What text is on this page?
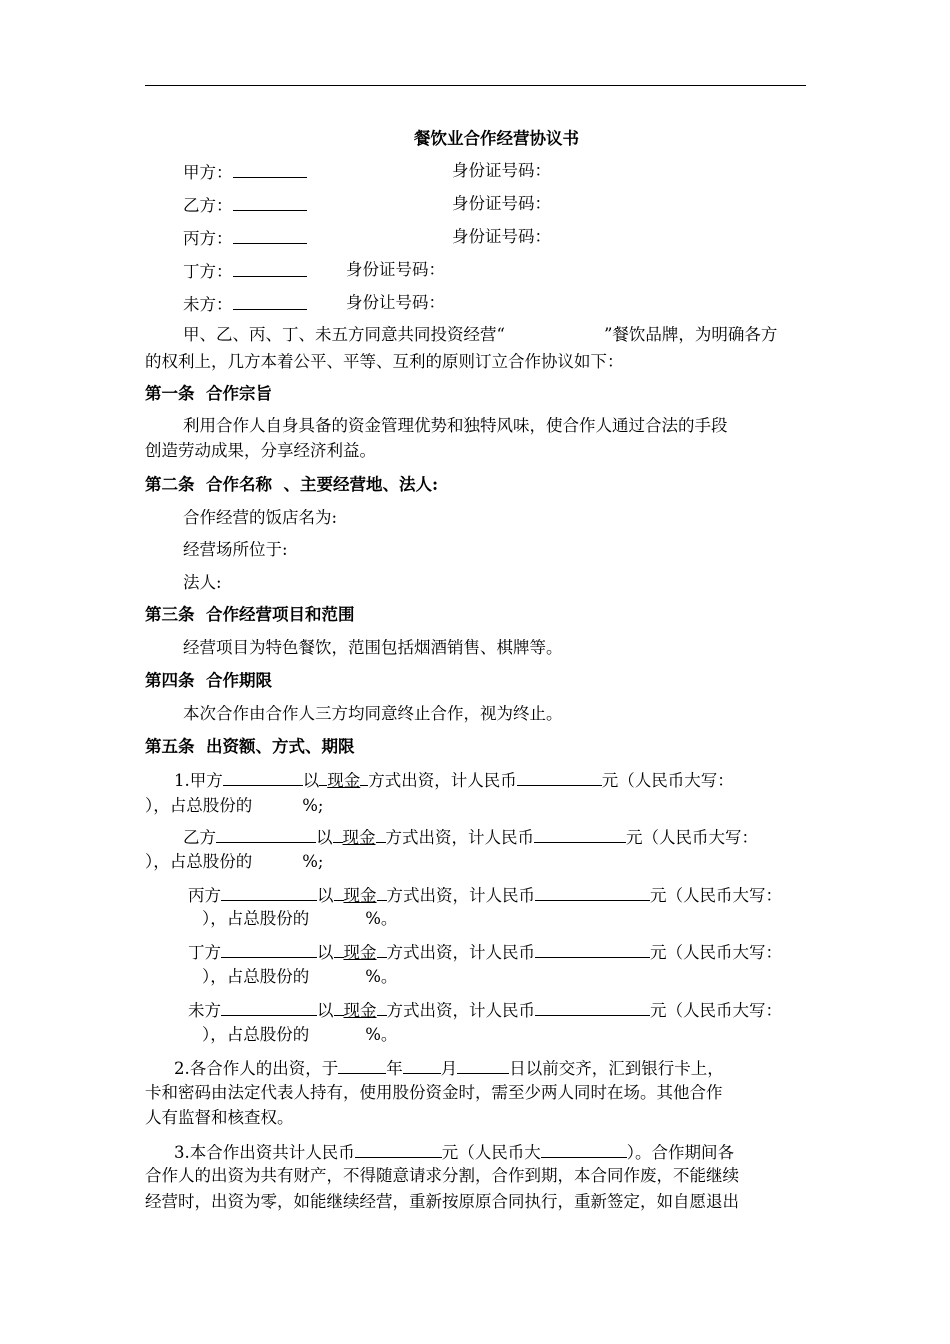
餐饮业合作经营协议书
甲方：	身份证号码：
乙方：	身份证号码：
丙方：	身份证号码：
丁方：	身份证号码：
未方：	身份让号码：
甲、乙、丙、丁、未五方同意共同投资经营“	”餐饮品牌，为明确各方
的权利上，几方本着公平、平等、互利的原则订立合作协议如下：
第一条  合作宗旨
利用合作人自身具备的资金管理优势和独特风味，使合作人通过合法的手段
创造劳动成果，分享经济利益。
第二条  合作名称  、主要经营地、法人:
合作经营的饭店名为:
经营场所位于:
法人:
第三条  合作经营项目和范围
经营项目为特色餐饮，范围包括烟酒销售、棋牌等。
第四条  合作期限
本次合作由合作人三方均同意终止合作，视为终止。
第五条  出资额、方式、期限
1.甲方	以 现金 方式出资，计人民币	元（人民币大写：
），占总股份的	%;
乙方	以 现金 方式出资，计人民币	元（人民币大写：
），占总股份的	%;
丙方	以 现金 方式出资，计人民币	元（人民币大写：
），占总股份的	%。
丁方	以 现金 方式出资，计人民币	元（人民币大写：
），占总股份的	%。
未方	以 现金 方式出资，计人民币	元（人民币大写：
），占总股份的	%。
2.各合作人的出资，于	年 月	日以前交齐，汇到银行卡上，
卡和密码由法定代表人持有，使用股份资金时，需至少两人同时在场。其他合作
人有监督和核查权。
3.本合作出资共计人民币	元（人民币大	）。合作期间各
合作人的出资为共有财产，不得随意请求分割，合作到期，本合同作废，不能继续
经营时，出资为零，如能继续经营，重新按原原合同执行，重新签定，如自愿退出
